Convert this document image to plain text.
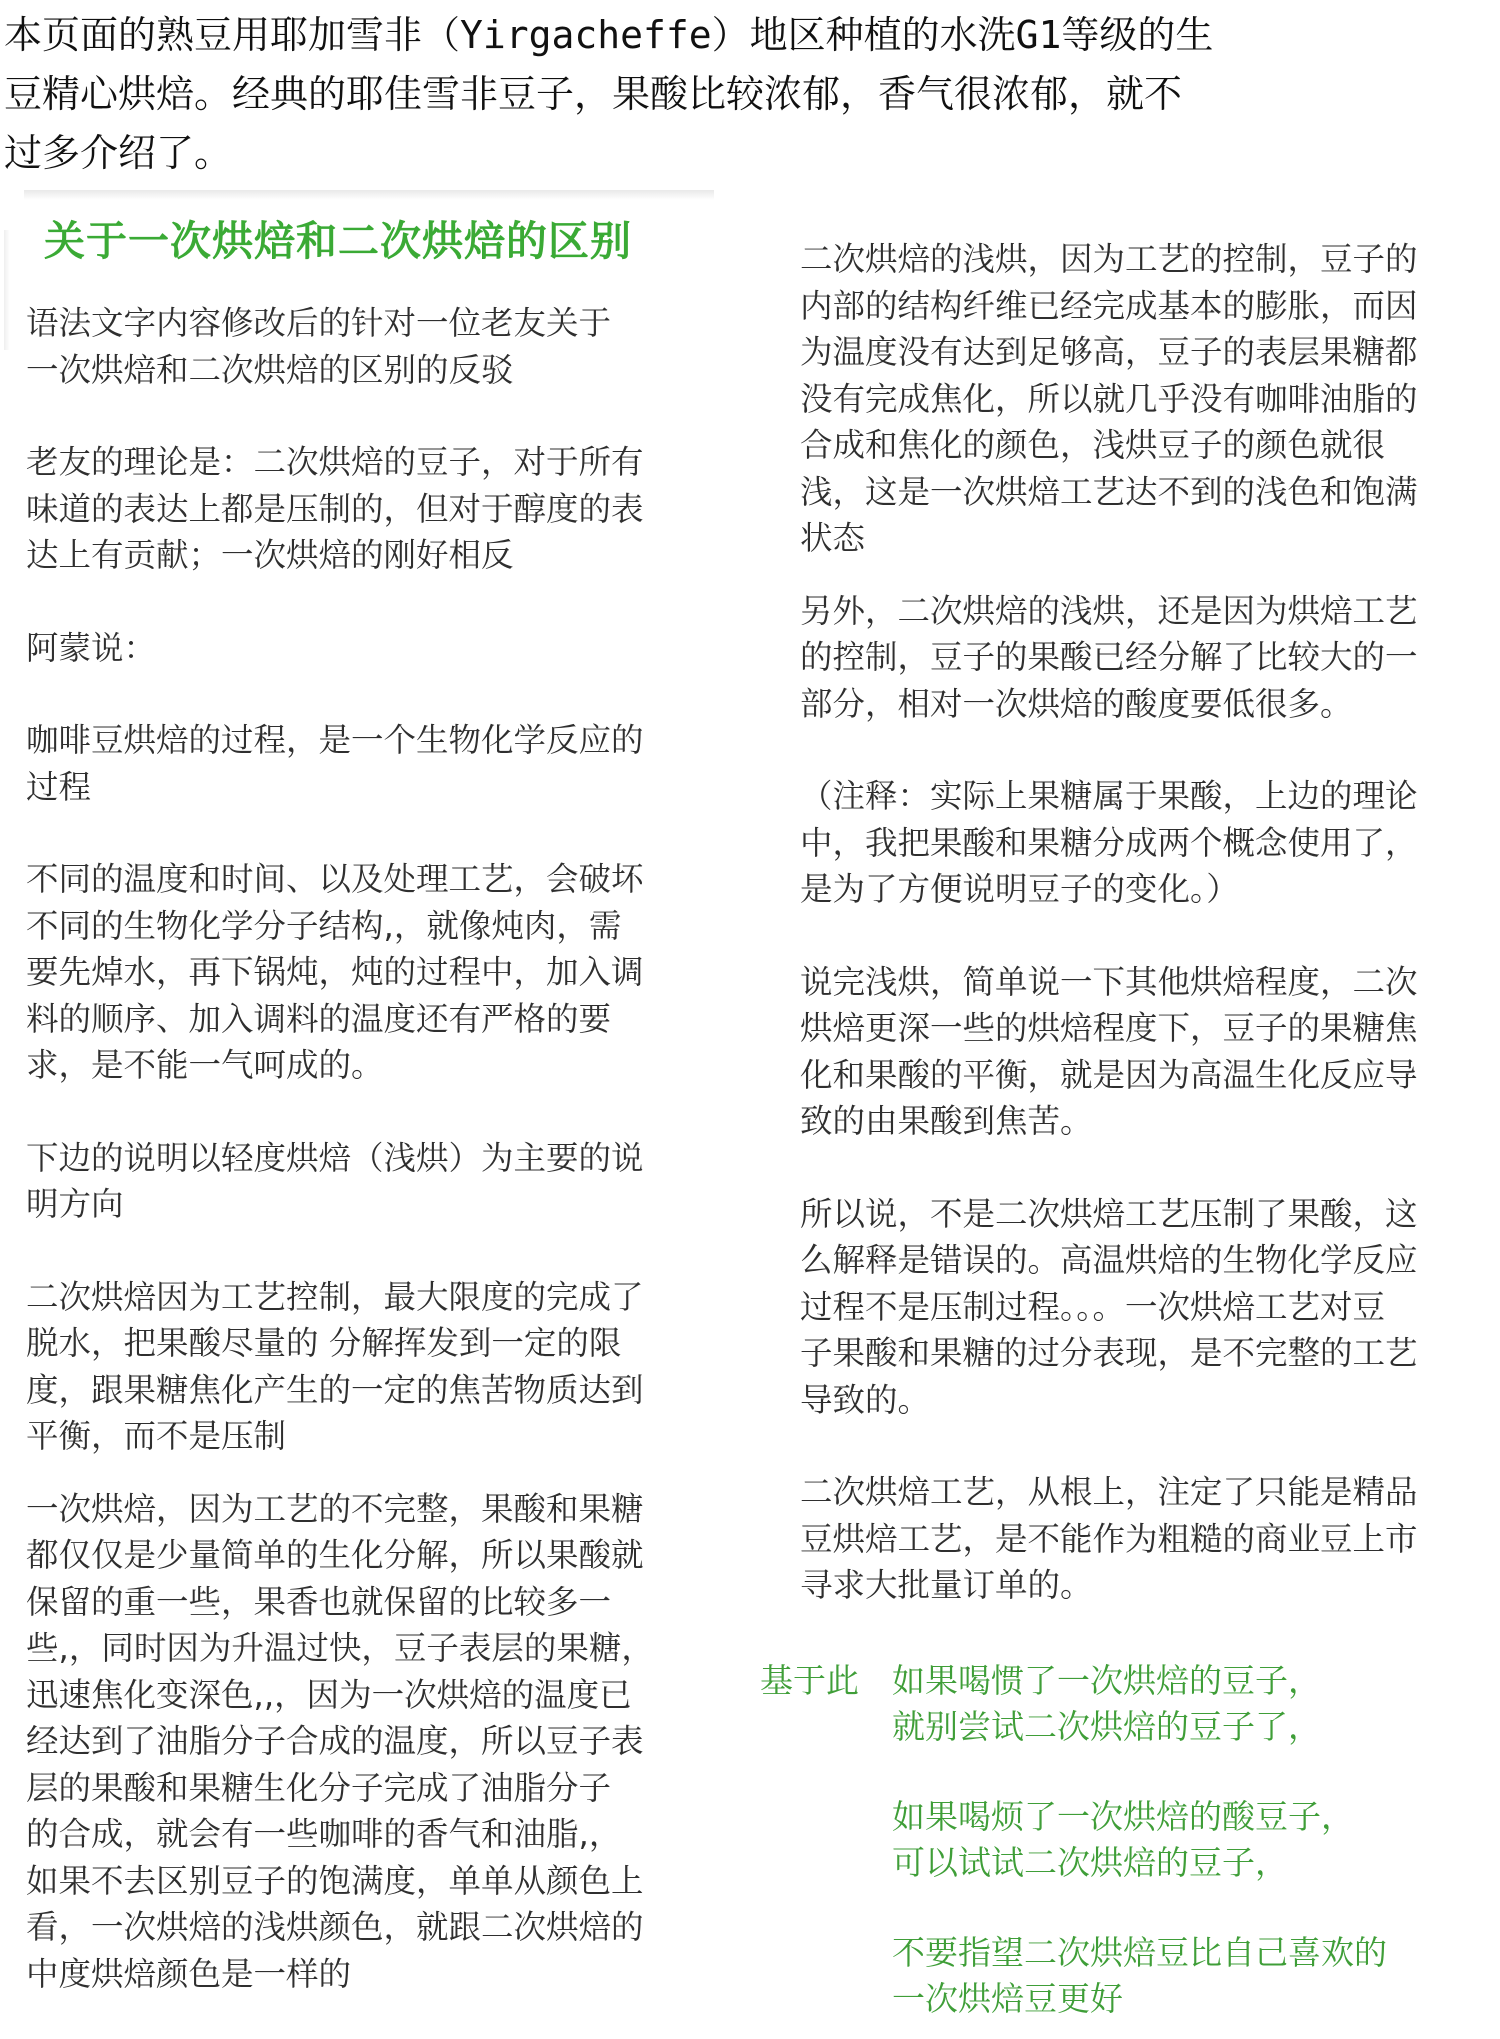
本页面的熟豆用耶加雪非（Yirgacheffe）地区种植的水洗G1等级的生

豆精心烘焙。经典的耶佳雪非豆子，果酸比较浓郁，香气很浓郁，就不

过多介绍了。

关于一次烘焙和二次烘焙的区别

语法文字内容修改后的针对一位老友关于

一次烘焙和二次烘焙的区别的反驳

老友的理论是：二次烘焙的豆子，对于所有

味道的表达上都是压制的，但对于醇度的表

达上有贡献；一次烘焙的刚好相反

阿蒙说：

咖啡豆烘焙的过程，是一个生物化学反应的

过程

不同的温度和时间、以及处理工艺，会破坏

不同的生物化学分子结构,，就像炖肉，需

要先焯水，再下锅炖，炖的过程中，加入调

料的顺序、加入调料的温度还有严格的要

求，是不能一气呵成的。

下边的说明以轻度烘焙（浅烘）为主要的说

明方向

二次烘焙因为工艺控制，最大限度的完成了

脱水，把果酸尽量的 分解挥发到一定的限

度，跟果糖焦化产生的一定的焦苦物质达到

平衡，而不是压制

一次烘焙，因为工艺的不完整，果酸和果糖

都仅仅是少量简单的生化分解，所以果酸就

保留的重一些，果香也就保留的比较多一

些,，同时因为升温过快，豆子表层的果糖，

迅速焦化变深色,,，因为一次烘焙的温度已

经达到了油脂分子合成的温度，所以豆子表

层的果酸和果糖生化分子完成了油脂分子

的合成，就会有一些咖啡的香气和油脂,，

如果不去区别豆子的饱满度，单单从颜色上

看，一次烘焙的浅烘颜色，就跟二次烘焙的

中度烘焙颜色是一样的

二次烘焙的浅烘，因为工艺的控制，豆子的

内部的结构纤维已经完成基本的膨胀，而因

为温度没有达到足够高，豆子的表层果糖都

没有完成焦化，所以就几乎没有咖啡油脂的

合成和焦化的颜色，浅烘豆子的颜色就很

浅，这是一次烘焙工艺达不到的浅色和饱满

状态

另外，二次烘焙的浅烘，还是因为烘焙工艺

的控制，豆子的果酸已经分解了比较大的一

部分，相对一次烘焙的酸度要低很多。

（注释：实际上果糖属于果酸，上边的理论

中，我把果酸和果糖分成两个概念使用了，

是为了方便说明豆子的变化。）

说完浅烘，简单说一下其他烘焙程度，二次

烘焙更深一些的烘焙程度下，豆子的果糖焦

化和果酸的平衡，就是因为高温生化反应导

致的由果酸到焦苦。

所以说，不是二次烘焙工艺压制了果酸，这

么解释是错误的。高温烘焙的生物化学反应

过程不是压制过程。。。一次烘焙工艺对豆

子果酸和果糖的过分表现，是不完整的工艺

导致的。

二次烘焙工艺，从根上，注定了只能是精品

豆烘焙工艺，是不能作为粗糙的商业豆上市

寻求大批量订单的。

基于此 如果喝惯了一次烘焙的豆子，

就别尝试二次烘焙的豆子了，

如果喝烦了一次烘焙的酸豆子，

可以试试二次烘焙的豆子，

不要指望二次烘焙豆比自己喜欢的

一次烘焙豆更好
